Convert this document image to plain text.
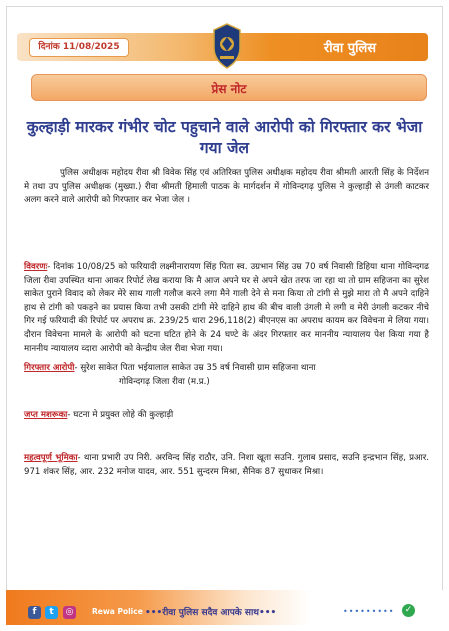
दिनांक 11/08/2025	रीवा पुलिस
प्रेस नोट
कुल्हाड़ी मारकर गंभीर चोट पहुचाने वाले आरोपी को गिरफ्तार कर भेजा गया जेल
पुलिस अधीक्षक महोदय रीवा श्री विवेक सिंह एवं अतिरिक्त पुलिस अधीक्षक महोदय रीवा श्रीमती आरती सिंह के निर्देशन मे तथा उप पुलिस अधीक्षक (मुख्या.) रीवा श्रीमती हिमाली पाठक के मार्गदर्शन में गोविन्दगढ़ पुलिस ने कुल्हाड़ी से उंगली काटकर अलग करने वाले आरोपी को गिरफ्तार कर भेजा जेल ।
विवरणः- दिनांक 10/08/25 को फरियादी लक्ष्मीनारायण सिंह पिता स्व. उग्रभान सिंह उम्र 70 वर्ष निवासी डिहिया थाना गोविन्दगढ जिला रीवा उपस्थित थाना आकर रिपोर्ट लेख कराया कि मै आज अपने घर से अपने खेत तरफ जा रहा था तो ग्राम सहिजना का सुरेश साकेत पुराने विवाद को लेकर मेरे साथ गाली गलौज करने लगा मैने गाली देने से मना किया तो टांगी से मुझे मारा तो मै अपने दाहिने हाथ से टांगी को पकड़ने का प्रयास किया तभी उसकी टांगी मेरे दाहिने हाथ की बीच वाली उंगली मे लगी व मेरी उंगली कटकर नीचे गिर गई फरियादी की रिपोर्ट पर अपराध क्र. 239/25 धारा 296,118(2) बीएनएस का अपराध कायम कर विवेचना मे लिया गया। दौरान विवेचना मामले के आरोपी को घटना घटित होने के 24 घण्टे के अंदर गिरफ्तार कर माननीय न्यायालय पेश किया गया है माननीय न्यायालय व्दारा आरोपी को केन्द्रीय जेल रीवा भेजा गया।
गिरफ्तार आरोपी- सुरेश साकेत पिता भईयालाल साकेत उम्र 35 वर्ष निवासी ग्राम सहिजना थाना
गोविन्दगढ़ जिला रीवा (म.प्र.)
जप्त मशरूका- घटना मे प्रयुक्त लोहे की कुल्हाड़ी
महत्वपूर्ण भूमिका- थाना प्रभारी उप निरी. अरविन्द सिंह राठौर, उनि. निशा खूता सउनि. गुलाब प्रसाद, सउनि इन्द्रभान सिंह, प्रआर. 971 शंकर सिंह, आर. 232 मनोज यादव, आर. 551 सुन्दरम मिश्रा, सैनिक 87 सुधाकर मिश्रा।
f	t	◎	Rewa Police •••रीवा पुलिस सदैव आपके साथ•••	•••••••••	✓
